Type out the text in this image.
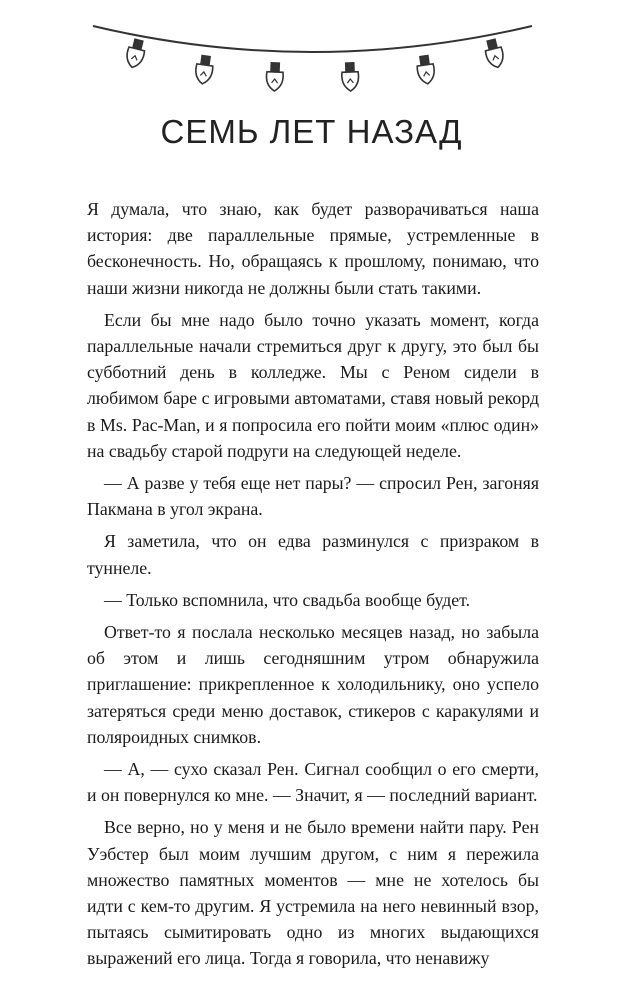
СЕМЬ ЛЕТ НАЗАД

Я думала, что знаю, как будет разворачиваться наша история: две параллельные прямые, устремленные в бесконечность. Но, обращаясь к прошлому, понимаю, что наши жизни никогда не должны были стать такими.

Если бы мне надо было точно указать момент, когда параллельные начали стремиться друг к другу, это был бы субботний день в колледже. Мы с Реном сидели в любимом баре с игровыми автоматами, ставя новый рекорд в Ms. Pac-Man, и я попросила его пойти моим «плюс один» на свадьбу старой подруги на следующей неделе.

— А разве у тебя еще нет пары? — спросил Рен, загоняя Пакмана в угол экрана.

Я заметила, что он едва разминулся с призраком в туннеле.

— Только вспомнила, что свадьба вообще будет.

Ответ-то я послала несколько месяцев назад, но забыла об этом и лишь сегодняшним утром обнаружила приглашение: прикрепленное к холодильнику, оно успело затеряться среди меню доставок, стикеров с каракулями и поляроидных снимков.

— А, — сухо сказал Рен. Сигнал сообщил о его смерти, и он повернулся ко мне. — Значит, я — последний вариант.

Все верно, но у меня и не было времени найти пару. Рен Уэбстер был моим лучшим другом, с ним я пережила множество памятных моментов — мне не хотелось бы идти с кем-то другим. Я устремила на него невинный взор, пытаясь сымитировать одно из многих выдающихся выражений его лица. Тогда я говорила, что ненавижу
